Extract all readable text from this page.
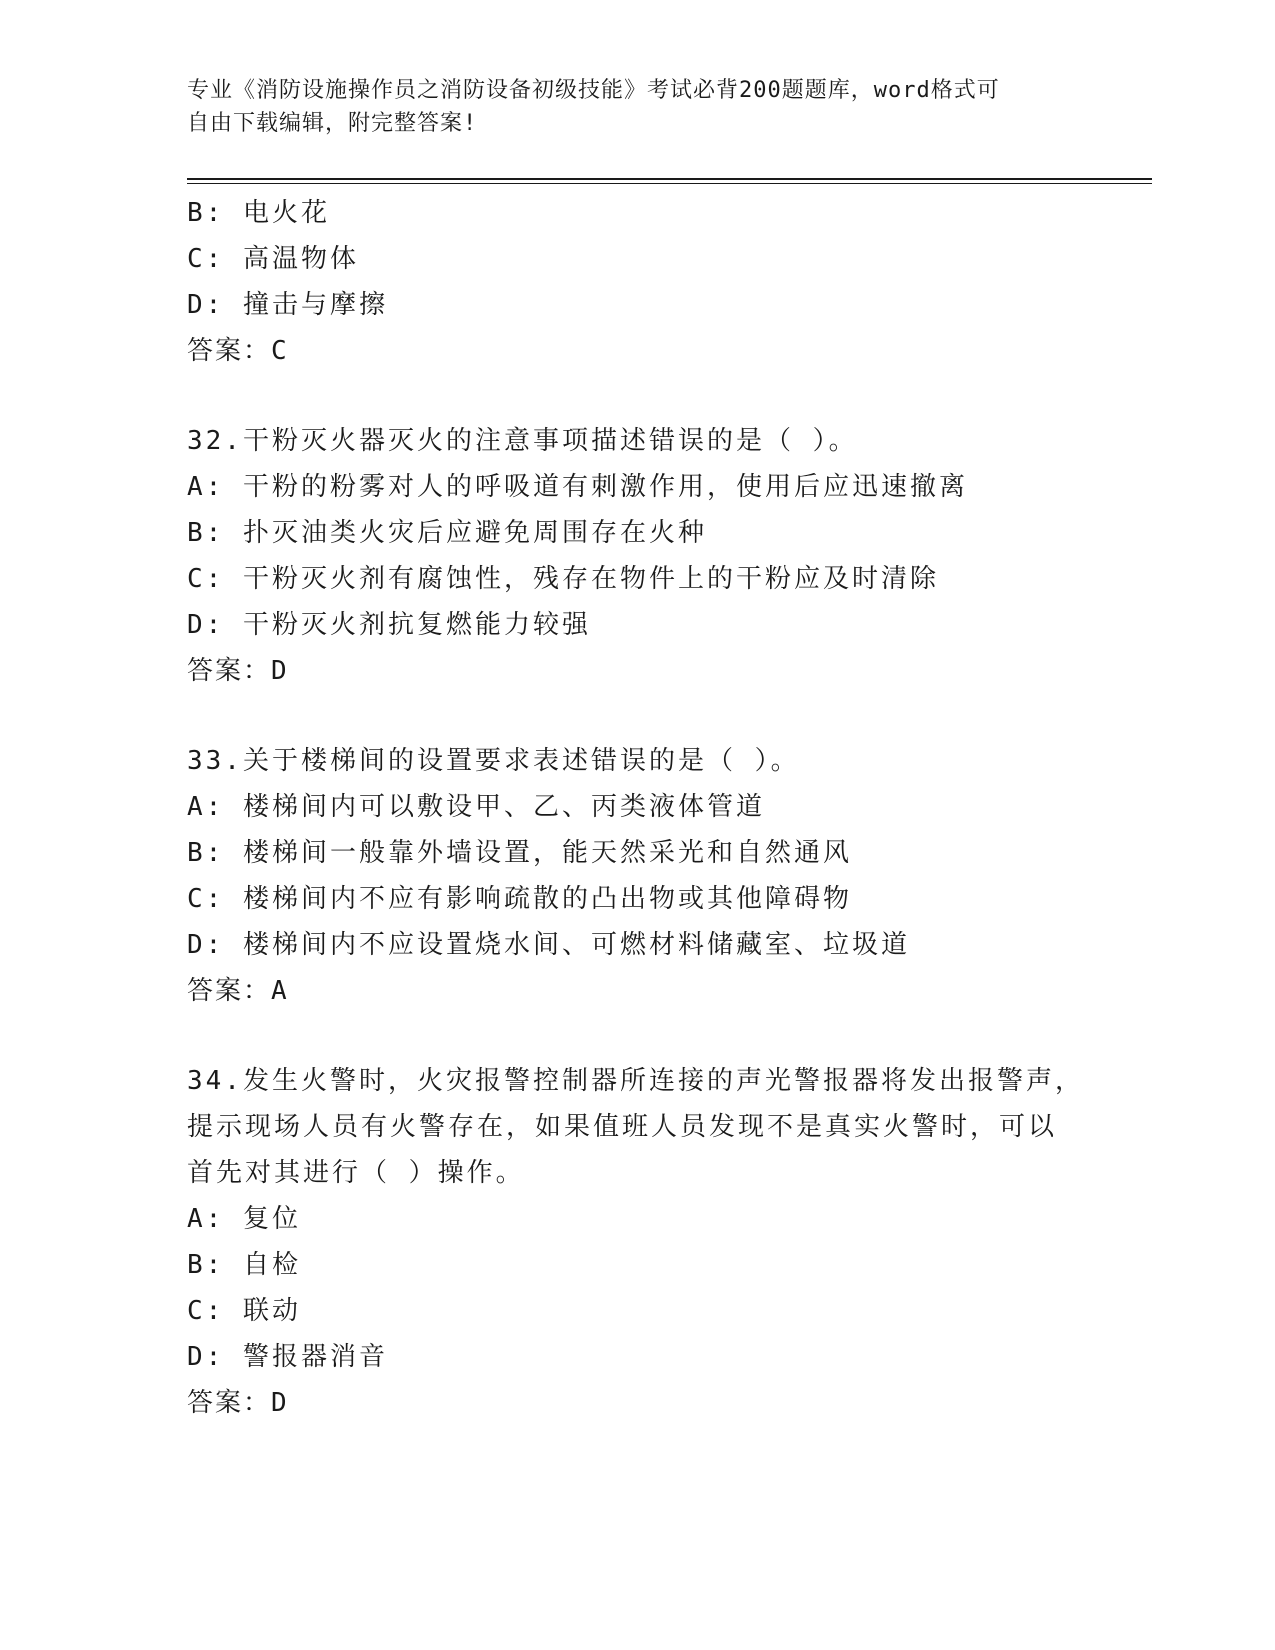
专业《消防设施操作员之消防设备初级技能》考试必背200题题库，word格式可
自由下载编辑，附完整答案!
B: 电火花
C: 高温物体
D: 撞击与摩擦
答案：C
32.干粉灭火器灭火的注意事项描述错误的是（ ）。
A: 干粉的粉雾对人的呼吸道有刺激作用，使用后应迅速撤离
B: 扑灭油类火灾后应避免周围存在火种
C: 干粉灭火剂有腐蚀性，残存在物件上的干粉应及时清除
D: 干粉灭火剂抗复燃能力较强
答案：D
33.关于楼梯间的设置要求表述错误的是（ ）。
A: 楼梯间内可以敷设甲、乙、丙类液体管道
B: 楼梯间一般靠外墙设置，能天然采光和自然通风
C: 楼梯间内不应有影响疏散的凸出物或其他障碍物
D: 楼梯间内不应设置烧水间、可燃材料储藏室、垃圾道
答案：A
34.发生火警时，火灾报警控制器所连接的声光警报器将发出报警声，
提示现场人员有火警存在，如果值班人员发现不是真实火警时，可以
首先对其进行（ ）操作。
A: 复位
B: 自检
C: 联动
D: 警报器消音
答案：D
